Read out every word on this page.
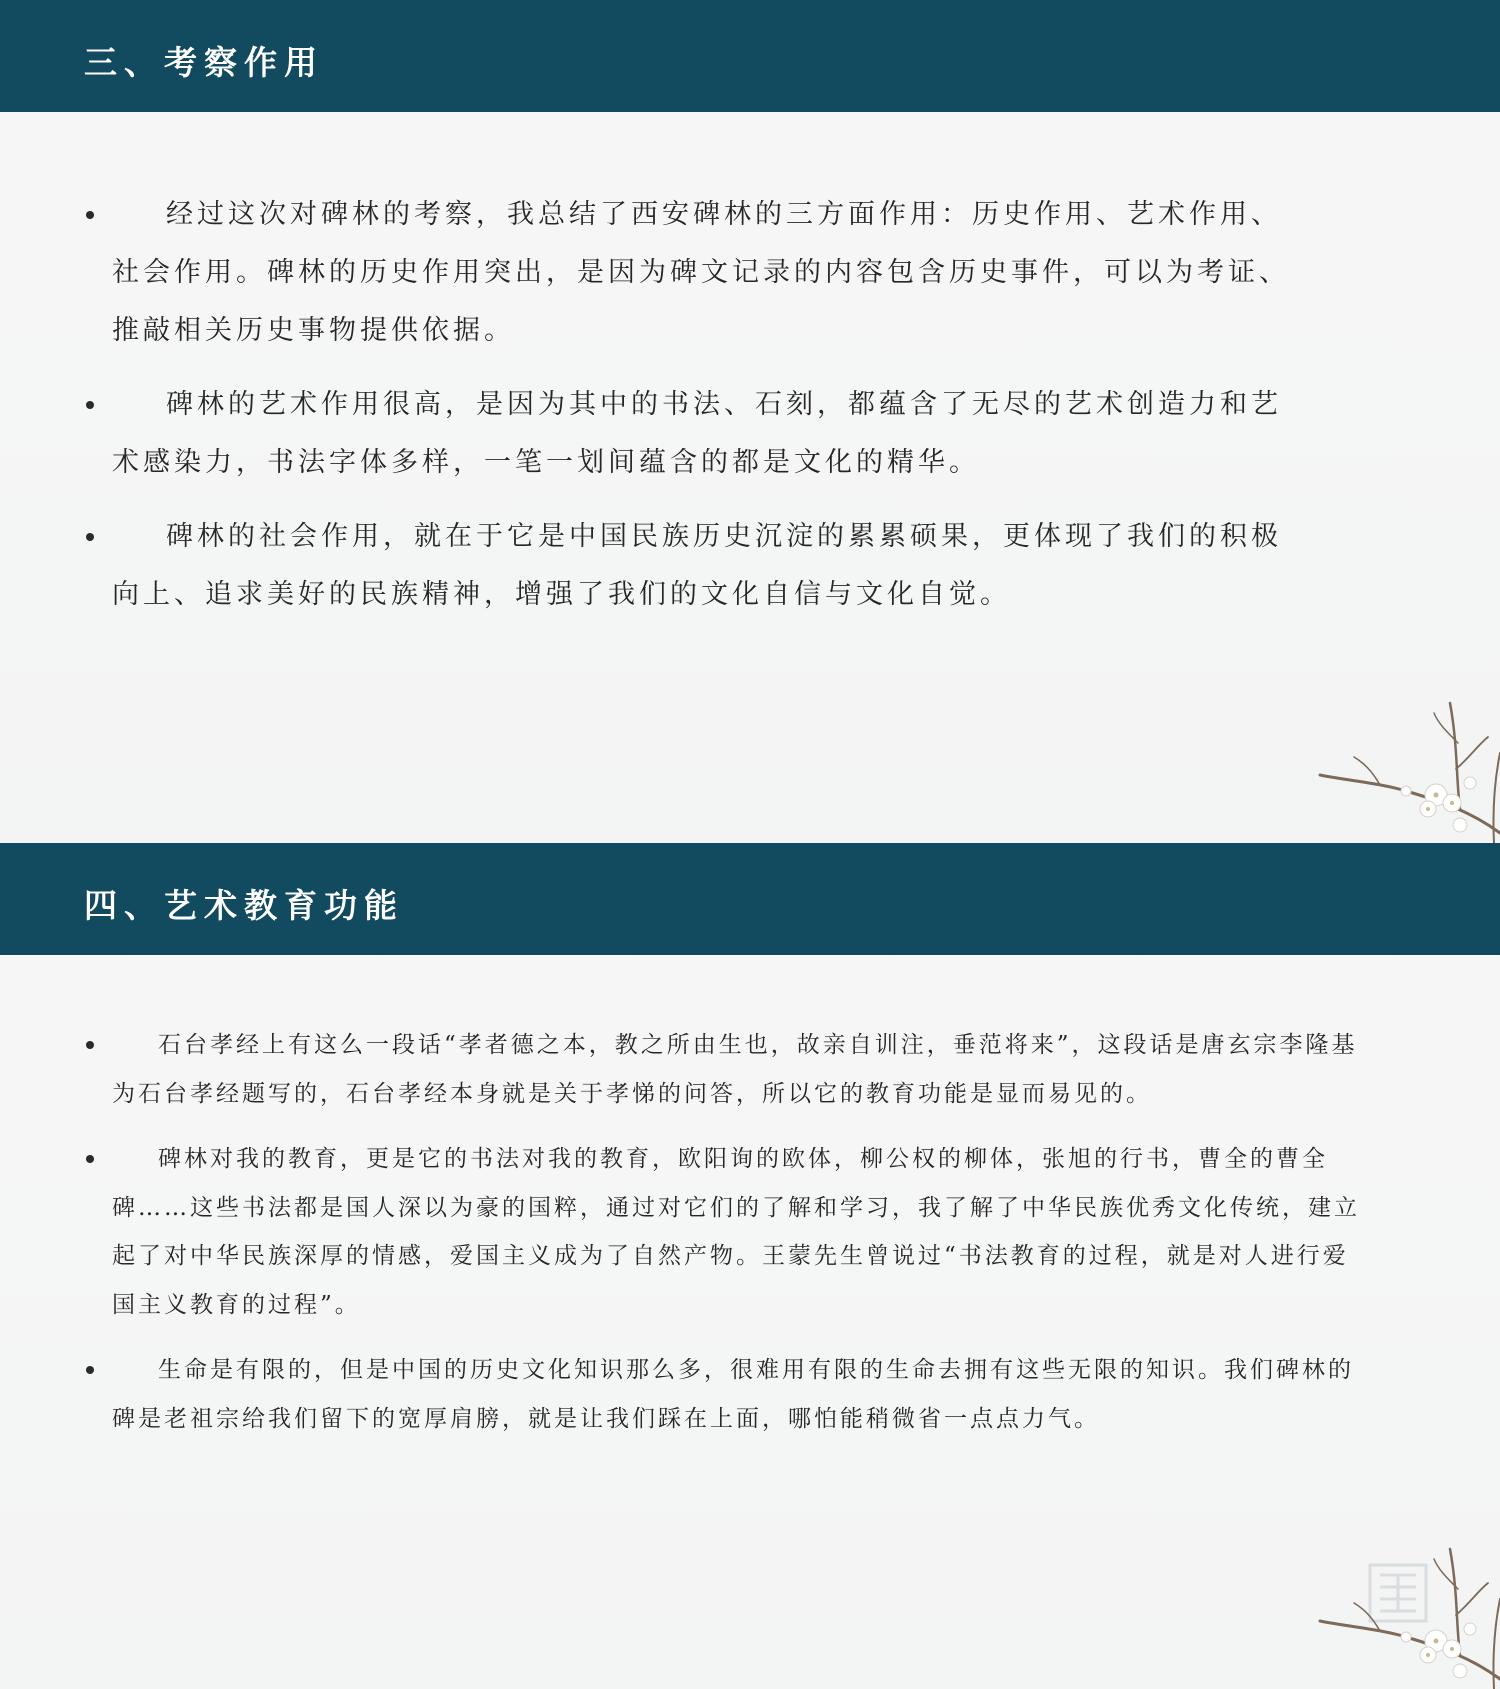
三、考察作用

经过这次对碑林的考察，我总结了西安碑林的三方面作用：历史作用、艺术作用、社会作用。碑林的历史作用突出，是因为碑文记录的内容包含历史事件，可以为考证、推敲相关历史事物提供依据。

碑林的艺术作用很高，是因为其中的书法、石刻，都蕴含了无尽的艺术创造力和艺术感染力，书法字体多样，一笔一划间蕴含的都是文化的精华。

碑林的社会作用，就在于它是中国民族历史沉淀的累累硕果，更体现了我们的积极向上、追求美好的民族精神，增强了我们的文化自信与文化自觉。

四、艺术教育功能

石台孝经上有这么一段话“孝者德之本，教之所由生也，故亲自训注，垂范将来”，这段话是唐玄宗李隆基为石台孝经题写的，石台孝经本身就是关于孝悌的问答，所以它的教育功能是显而易见的。

碑林对我的教育，更是它的书法对我的教育，欧阳询的欧体，柳公权的柳体，张旭的行书，曹全的曹全碑……这些书法都是国人深以为豪的国粹，通过对它们的了解和学习，我了解了中华民族优秀文化传统，建立起了对中华民族深厚的情感，爱国主义成为了自然产物。王蒙先生曾说过“书法教育的过程，就是对人进行爱国主义教育的过程”。

生命是有限的，但是中国的历史文化知识那么多，很难用有限的生命去拥有这些无限的知识。我们碑林的碑是老祖宗给我们留下的宽厚肩膀，就是让我们踩在上面，哪怕能稍微省一点点力气。
